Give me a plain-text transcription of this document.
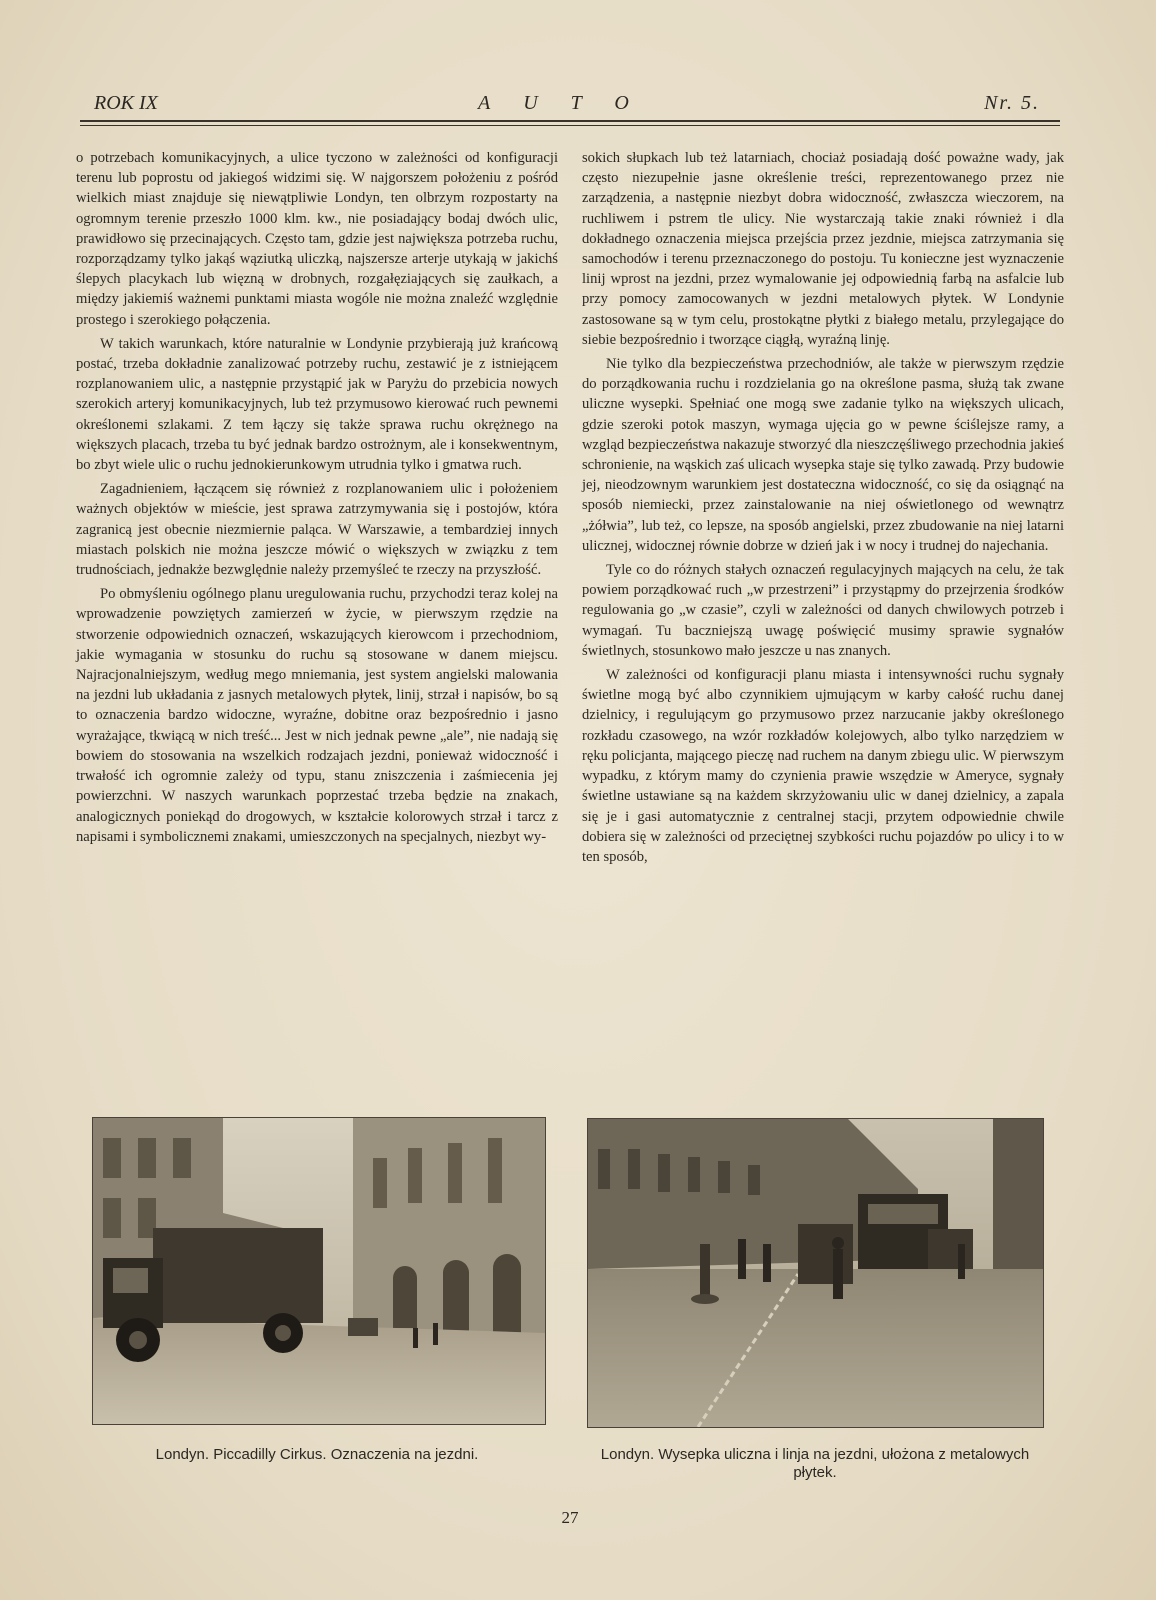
ROK IX	AUTO	Nr. 5.

o potrzebach komunikacyjnych, a ulice tyczono w zależności od konfiguracji terenu lub poprostu od jakiegoś widzimi się. W najgorszem położeniu z pośród wielkich miast znajduje się niewątpliwie Londyn, ten olbrzym rozpostarty na ogromnym terenie przeszło 1000 klm. kw., nie posiadający bodaj dwóch ulic, prawidłowo się przecinających. Często tam, gdzie jest największa potrzeba ruchu, rozporządzamy tylko jakąś wąziutką uliczką, najszersze arterje utykają w jakichś ślepych placykach lub więzną w drobnych, rozgałęziających się zaułkach, a między jakiemiś ważnemi punktami miasta wogóle nie można znaleźć względnie prostego i szerokiego połączenia.

W takich warunkach, które naturalnie w Londynie przybierają już krańcową postać, trzeba dokładnie zanalizować potrzeby ruchu, zestawić je z istniejącem rozplanowaniem ulic, a następnie przystąpić jak w Paryżu do przebicia nowych szerokich arteryj komunikacyjnych, lub też przymusowo kierować ruch pewnemi określonemi szlakami. Z tem łączy się także sprawa ruchu okrężnego na większych placach, trzeba tu być jednak bardzo ostrożnym, ale i konsekwentnym, bo zbyt wiele ulic o ruchu jednokierunkowym utrudnia tylko i gmatwa ruch.

Zagadnieniem, łączącem się również z rozplanowaniem ulic i położeniem ważnych objektów w mieście, jest sprawa zatrzymywania się i postojów, która zagranicą jest obecnie niezmiernie paląca. W Warszawie, a tembardziej innych miastach polskich nie można jeszcze mówić o większych w związku z tem trudnościach, jednakże bezwględnie należy przemyśleć te rzeczy na przyszłość.

Po obmyśleniu ogólnego planu uregulowania ruchu, przychodzi teraz kolej na wprowadzenie powziętych zamierzeń w życie, w pierwszym rzędzie na stworzenie odpowiednich oznaczeń, wskazujących kierowcom i przechodniom, jakie wymagania w stosunku do ruchu są stosowane w danem miejscu. Najracjonalniejszym, według mego mniemania, jest system angielski malowania na jezdni lub układania z jasnych metalowych płytek, linij, strzał i napisów, bo są to oznaczenia bardzo widoczne, wyraźne, dobitne oraz bezpośrednio i jasno wyrażające, tkwiącą w nich treść... Jest w nich jednak pewne „ale”, nie nadają się bowiem do stosowania na wszelkich rodzajach jezdni, ponieważ widoczność i trwałość ich ogromnie zależy od typu, stanu zniszczenia i zaśmiecenia jej powierzchni. W naszych warunkach poprzestać trzeba będzie na znakach, analogicznych poniekąd do drogowych, w kształcie kolorowych strzał i tarcz z napisami i symbolicznemi znakami, umieszczonych na specjalnych, niezbyt wy-

sokich słupkach lub też latarniach, chociaż posiadają dość poważne wady, jak często niezupełnie jasne określenie treści, reprezentowanego przez nie zarządzenia, a następnie niezbyt dobra widoczność, zwłaszcza wieczorem, na ruchliwem i pstrem tle ulicy. Nie wystarczają takie znaki również i dla dokładnego oznaczenia miejsca przejścia przez jezdnie, miejsca zatrzymania się samochodów i terenu przeznaczonego do postoju. Tu konieczne jest wyznaczenie linij wprost na jezdni, przez wymalowanie jej odpowiednią farbą na asfalcie lub przy pomocy zamocowanych w jezdni metalowych płytek. W Londynie zastosowane są w tym celu, prostokątne płytki z białego metalu, przylegające do siebie bezpośrednio i tworzące ciągłą, wyraźną linję.

Nie tylko dla bezpieczeństwa przechodniów, ale także w pierwszym rzędzie do porządkowania ruchu i rozdzielania go na określone pasma, służą tak zwane uliczne wysepki. Spełniać one mogą swe zadanie tylko na większych ulicach, gdzie szeroki potok maszyn, wymaga ujęcia go w pewne ściślejsze ramy, a wzgląd bezpieczeństwa nakazuje stworzyć dla nieszczęśliwego przechodnia jakieś schronienie, na wąskich zaś ulicach wysepka staje się tylko zawadą. Przy budowie jej, nieodzownym warunkiem jest dostateczna widoczność, co się da osiągnąć na sposób niemiecki, przez zainstalowanie na niej oświetlonego od wewnątrz „żółwia”, lub też, co lepsze, na sposób angielski, przez zbudowanie na niej latarni ulicznej, widocznej równie dobrze w dzień jak i w nocy i trudnej do najechania.

Tyle co do różnych stałych oznaczeń regulacyjnych mających na celu, że tak powiem porządkować ruch „w przestrzeni” i przystąpmy do przejrzenia środków regulowania go „w czasie”, czyli w zależności od danych chwilowych potrzeb i wymagań. Tu baczniejszą uwagę poświęcić musimy sprawie sygnałów świetlnych, stosunkowo mało jeszcze u nas znanych.

W zależności od konfiguracji planu miasta i intensywności ruchu sygnały świetlne mogą być albo czynnikiem ujmującym w karby całość ruchu danej dzielnicy, i regulującym go przymusowo przez narzucanie jakby określonego rozkładu czasowego, na wzór rozkładów kolejowych, albo tylko narzędziem w ręku policjanta, mającego pieczę nad ruchem na danym zbiegu ulic. W pierwszym wypadku, z którym mamy do czynienia prawie wszędzie w Ameryce, sygnały świetlne ustawiane są na każdem skrzyżowaniu ulic w danej dzielnicy, a zapala się je i gasi automatycznie z centralnej stacji, przytem odpowiednie chwile dobiera się w zależności od przeciętnej szybkości ruchu pojazdów po ulicy i to w ten sposób,

Londyn. Piccadilly Cirkus. Oznaczenia na jezdni.	Londyn. Wysepka uliczna i linja na jezdni, ułożona z metalowych płytek.
27
